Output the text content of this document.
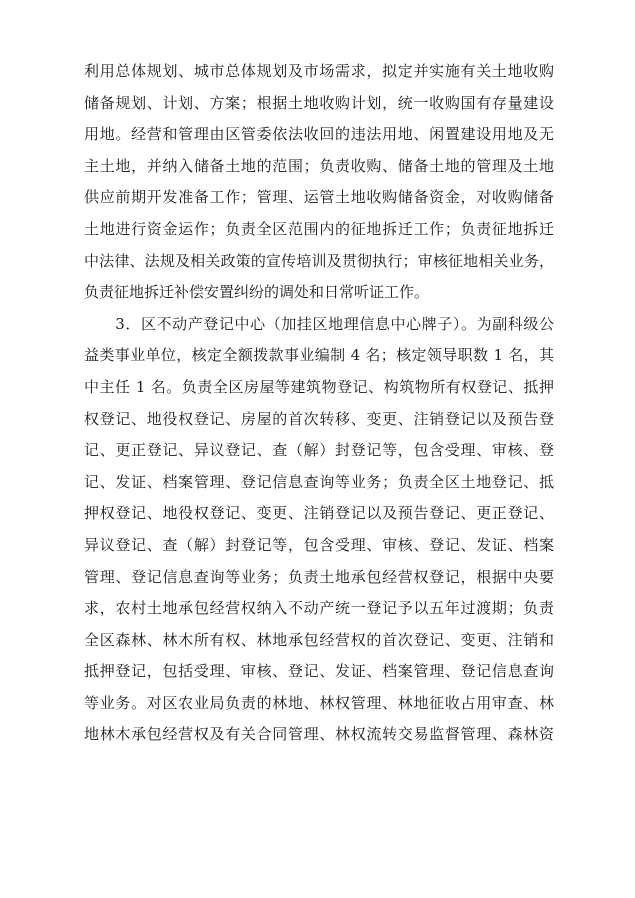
利用总体规划、城市总体规划及市场需求，拟定并实施有关土地收购
储备规划、计划、方案；根据土地收购计划，统一收购国有存量建设
用地。经营和管理由区管委依法收回的违法用地、闲置建设用地及无
主土地，并纳入储备土地的范围；负责收购、储备土地的管理及土地
供应前期开发准备工作；管理、运管土地收购储备资金，对收购储备
土地进行资金运作；负责全区范围内的征地拆迁工作；负责征地拆迁
中法律、法规及相关政策的宣传培训及贯彻执行；审核征地相关业务，
负责征地拆迁补偿安置纠纷的调处和日常听证工作。
　　3．区不动产登记中心（加挂区地理信息中心牌子）。为副科级公
益类事业单位，核定全额拨款事业编制 4 名；核定领导职数 1 名，其
中主任 1 名。负责全区房屋等建筑物登记、构筑物所有权登记、抵押
权登记、地役权登记、房屋的首次转移、变更、注销登记以及预告登
记、更正登记、异议登记、查（解）封登记等，包含受理、审核、登
记、发证、档案管理、登记信息查询等业务；负责全区土地登记、抵
押权登记、地役权登记、变更、注销登记以及预告登记、更正登记、
异议登记、查（解）封登记等，包含受理、审核、登记、发证、档案
管理、登记信息查询等业务；负责土地承包经营权登记，根据中央要
求，农村土地承包经营权纳入不动产统一登记予以五年过渡期；负责
全区森林、林木所有权、林地承包经营权的首次登记、变更、注销和
抵押登记，包括受理、审核、登记、发证、档案管理、登记信息查询
等业务。对区农业局负责的林地、林权管理、林地征收占用审查、林
地林木承包经营权及有关合同管理、林权流转交易监督管理、森林资
